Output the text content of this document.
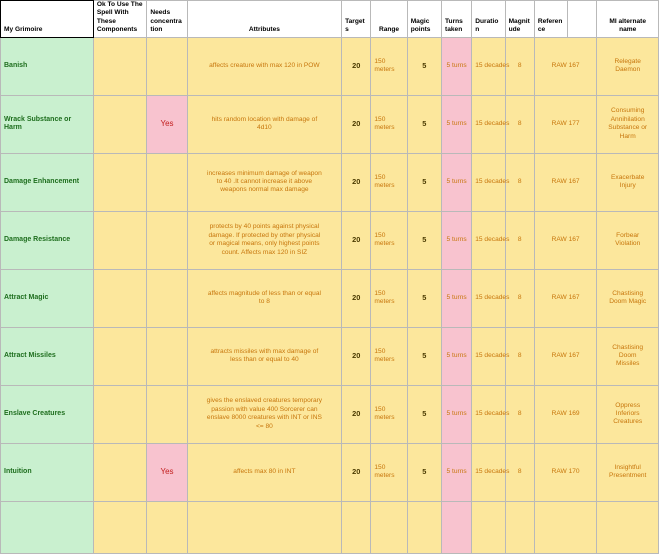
My Grimoire	Ok To Use The Spell With These Components	Needs concentration	Attributes	Targets	Range	Magic points	Turns taken	Duration	Magnitude	Reference		MI alternate name
Banish			affects creature with max 120 in POW	20	150 meters	5	5 turns	15 decades	8	RAW 167		Relegate Daemon
Wrack Substance or Harm		Yes	hits random location with damage of 4d10	20	150 meters	5	5 turns	15 decades	8	RAW 177		Consuming Annihilation Substance or Harm
Damage Enhancement			increases minimum damage of weapon to 40 .It cannot increase it above weapons normal max damage	20	150 meters	5	5 turns	15 decades	8	RAW 167		Exacerbate Injury
Damage Resistance			protects by 40 points against physical damage. If protected by other physical or magical means, only highest points count. Affects max 120 in SIZ	20	150 meters	5	5 turns	15 decades	8	RAW 167		Forbear Violation
Attract Magic			affects magnitude of less than or equal to 8	20	150 meters	5	5 turns	15 decades	8	RAW 167		Chastising Doom Magic
Attract Missiles			attracts missiles with max damage of less than or equal to 40	20	150 meters	5	5 turns	15 decades	8	RAW 167		Chastising Doom Missiles
Enslave Creatures			gives the enslaved creatures temporary passion with value 400 Sorcerer can enslave 8000 creatures with INT or INS <= 80	20	150 meters	5	5 turns	15 decades	8	RAW 169		Oppress Inferiors Creatures
Intuition		Yes	affects max 80 in INT	20	150 meters	5	5 turns	15 decades	8	RAW 170		Insightful Presentment
